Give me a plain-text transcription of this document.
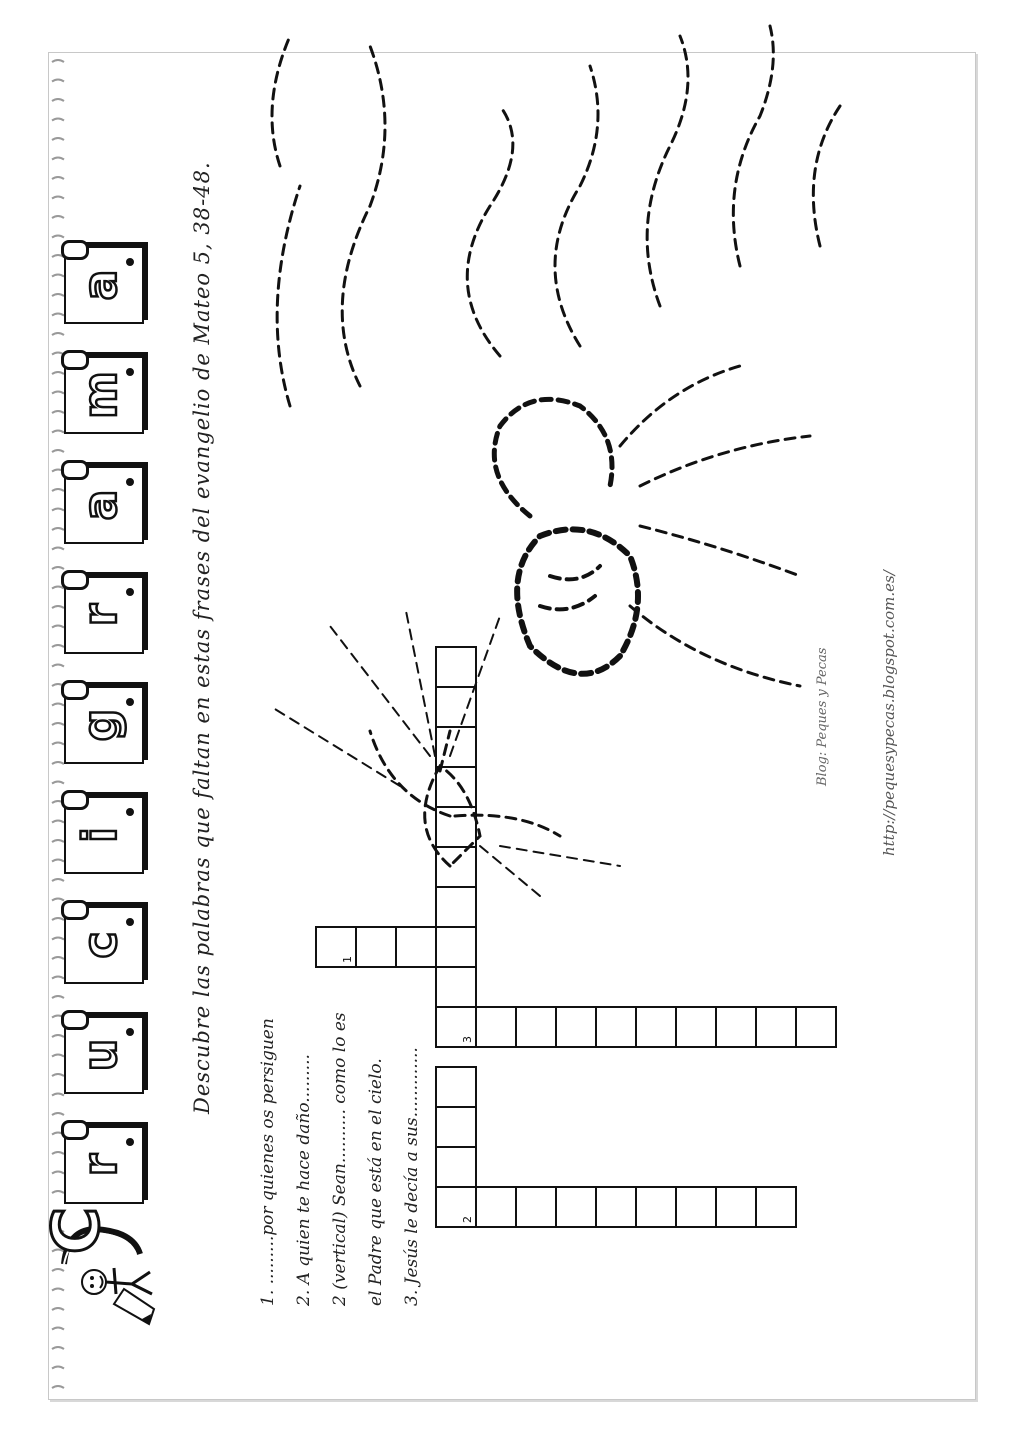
r
u
c
i
g
r
a
m
a
C
Descubre las palabras que faltan en estas frases del evangelio de Mateo 5, 38-48.
1. .........por quienes os persiguen 2. A quien te hace daño......... 2 (vertical) Sean.......... como lo es el Padre que está en el cielo. 3. Jesús le decía a sus.............
1
3
2
Blog: Peques y Pecas	http://pequesypecas.blogspot.com.es/
